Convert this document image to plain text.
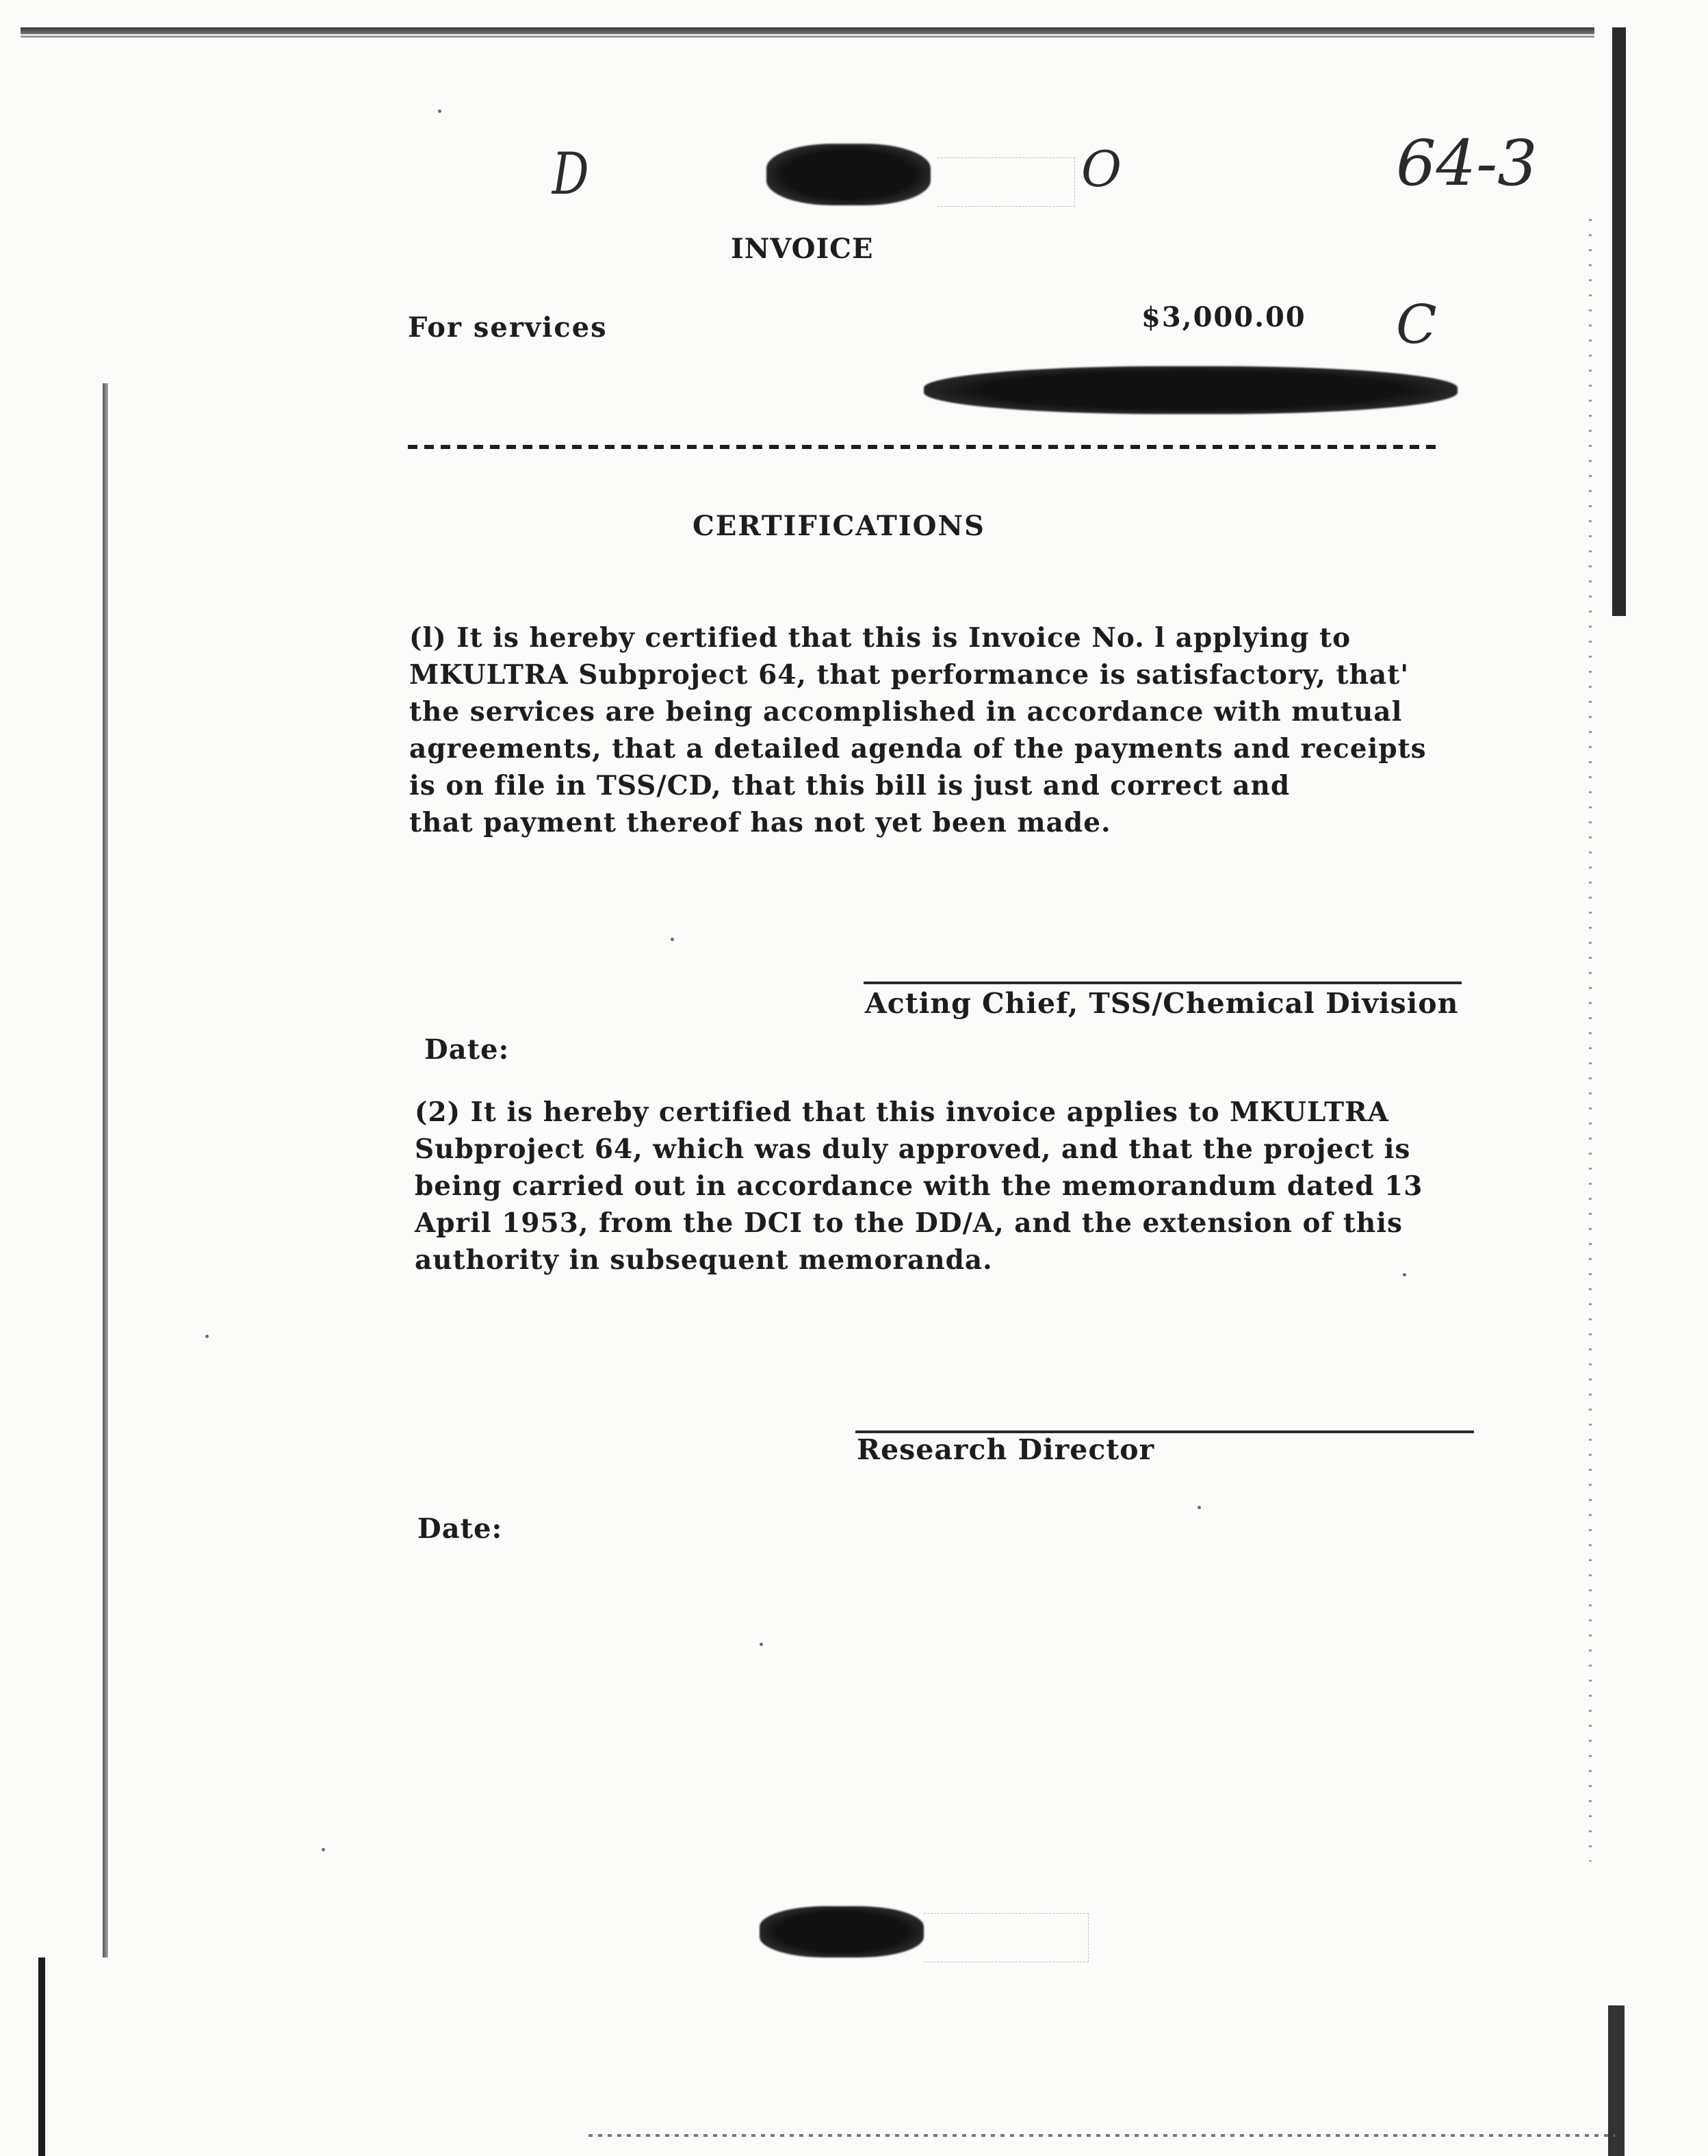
D	O	64-3
C
INVOICE
For services	$3,000.00
CERTIFICATIONS
(l) It is hereby certified that this is Invoice No. l applying to
MKULTRA Subproject 64, that performance is satisfactory, that'
the services are being accomplished in accordance with mutual
agreements, that a detailed agenda of the payments and receipts
is on file in TSS/CD, that this bill is just and correct and
that payment thereof has not yet been made.
Acting Chief, TSS/Chemical Division
Date:
(2) It is hereby certified that this invoice applies to MKULTRA
Subproject 64, which was duly approved, and that the project is
being carried out in accordance with the memorandum dated 13
April 1953, from the DCI to the DD/A, and the extension of this
authority in subsequent memoranda.
Research Director
Date:
